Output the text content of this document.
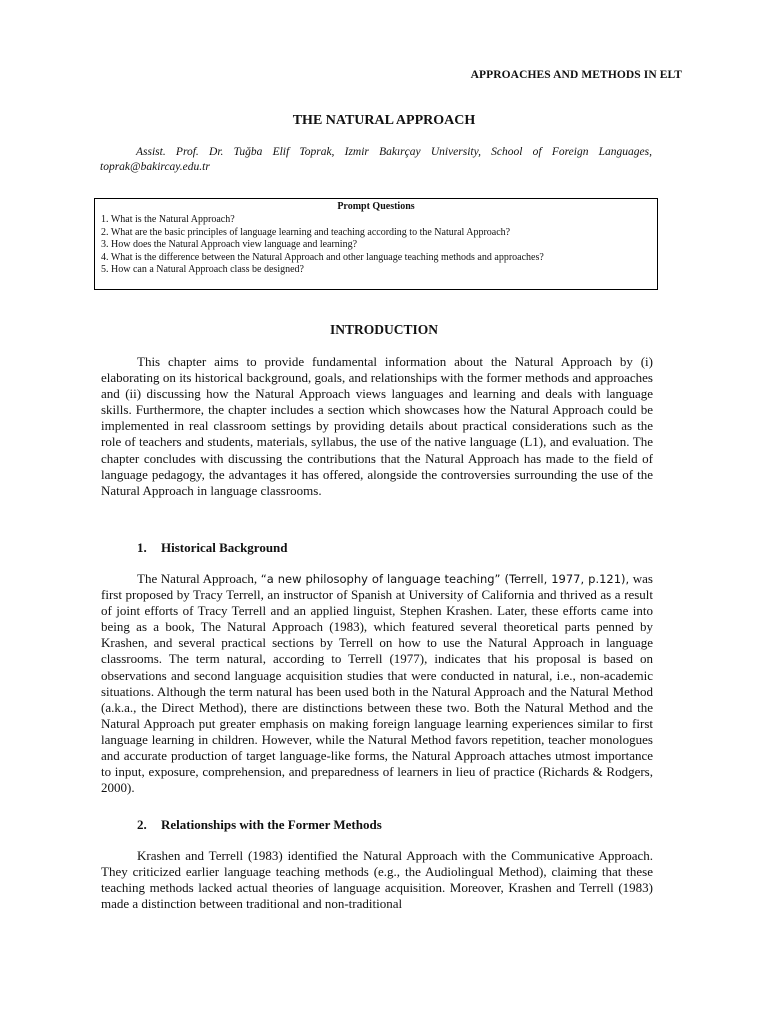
APPROACHES AND METHODS IN ELT
THE NATURAL APPROACH
Assist. Prof. Dr. Tuğba Elif Toprak, Izmir Bakırçay University, School of Foreign Languages, toprak@bakircay.edu.tr
Prompt Questions
1. What is the Natural Approach?
2. What are the basic principles of language learning and teaching according to the Natural Approach?
3. How does the Natural Approach view language and learning?
4. What is the difference between the Natural Approach and other language teaching methods and approaches?
5. How can a Natural Approach class be designed?
INTRODUCTION
This chapter aims to provide fundamental information about the Natural Approach by (i) elaborating on its historical background, goals, and relationships with the former methods and approaches and (ii) discussing how the Natural Approach views languages and learning and deals with language skills. Furthermore, the chapter includes a section which showcases how the Natural Approach could be implemented in real classroom settings by providing details about practical considerations such as the role of teachers and students, materials, syllabus, the use of the native language (L1), and evaluation. The chapter concludes with discussing the contributions that the Natural Approach has made to the field of language pedagogy, the advantages it has offered, alongside the controversies surrounding the use of the Natural Approach in language classrooms.
1. Historical Background
The Natural Approach, “a new philosophy of language teaching” (Terrell, 1977, p.121), was first proposed by Tracy Terrell, an instructor of Spanish at University of California and thrived as a result of joint efforts of Tracy Terrell and an applied linguist, Stephen Krashen. Later, these efforts came into being as a book, The Natural Approach (1983), which featured several theoretical parts penned by Krashen, and several practical sections by Terrell on how to use the Natural Approach in language classrooms. The term natural, according to Terrell (1977), indicates that his proposal is based on observations and second language acquisition studies that were conducted in natural, i.e., non-academic situations. Although the term natural has been used both in the Natural Approach and the Natural Method (a.k.a., the Direct Method), there are distinctions between these two. Both the Natural Method and the Natural Approach put greater emphasis on making foreign language learning experiences similar to first language learning in children. However, while the Natural Method favors repetition, teacher monologues and accurate production of target language-like forms, the Natural Approach attaches utmost importance to input, exposure, comprehension, and preparedness of learners in lieu of practice (Richards & Rodgers, 2000).
2. Relationships with the Former Methods
Krashen and Terrell (1983) identified the Natural Approach with the Communicative Approach. They criticized earlier language teaching methods (e.g., the Audiolingual Method), claiming that these teaching methods lacked actual theories of language acquisition. Moreover, Krashen and Terrell (1983) made a distinction between traditional and non-traditional
